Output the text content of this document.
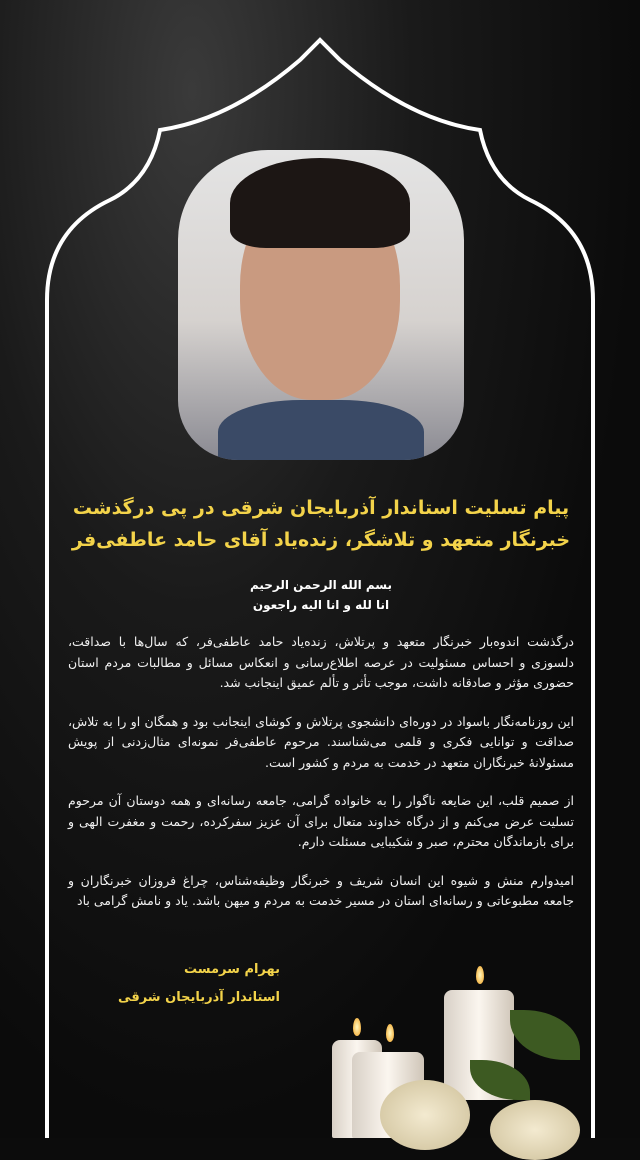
پیام تسلیت استاندار آذربایجان شرقی در پی درگذشت
خبرنگار متعهد و تلاشگر، زنده‌یاد آقای حامد عاطفی‌فر
بسم الله الرحمن الرحیم
انا لله و انا الیه راجعون

درگذشت اندوه‌بار خبرنگار متعهد و پرتلاش، زنده‌یاد حامد عاطفی‌فر، که سال‌ها با صداقت، دلسوزی و احساس مسئولیت در عرصه اطلاع‌رسانی و انعکاس مسائل و مطالبات مردم استان حضوری مؤثر و صادقانه داشت، موجب تأثر و تألم عمیق اینجانب شد.

این روزنامه‌نگار باسواد در دوره‌ای دانشجوی پرتلاش و کوشای اینجانب بود و همگان او را به تلاش، صداقت و توانایی فکری و قلمی می‌شناسند. مرحوم عاطفی‌فر نمونه‌ای مثال‌زدنی از پویش مسئولانهٔ خبرنگاران متعهد در خدمت به مردم و کشور است.

از صمیم قلب، این ضایعه ناگوار را به خانواده گرامی، جامعه رسانه‌ای و همه دوستان آن مرحوم تسلیت عرض می‌کنم و از درگاه خداوند متعال برای آن عزیز سفرکرده، رحمت و مغفرت الهی و برای بازماندگان محترم، صبر و شکیبایی مسئلت دارم.

امیدوارم منش و شیوه این انسان شریف و خبرنگار وظیفه‌شناس، چراغ فروزان خبرنگاران و جامعه مطبوعاتی و رسانه‌ای استان در مسیر خدمت به مردم و میهن باشد. یاد و نامش گرامی باد

بهرام سرمست
استاندار آذربایجان شرقی
